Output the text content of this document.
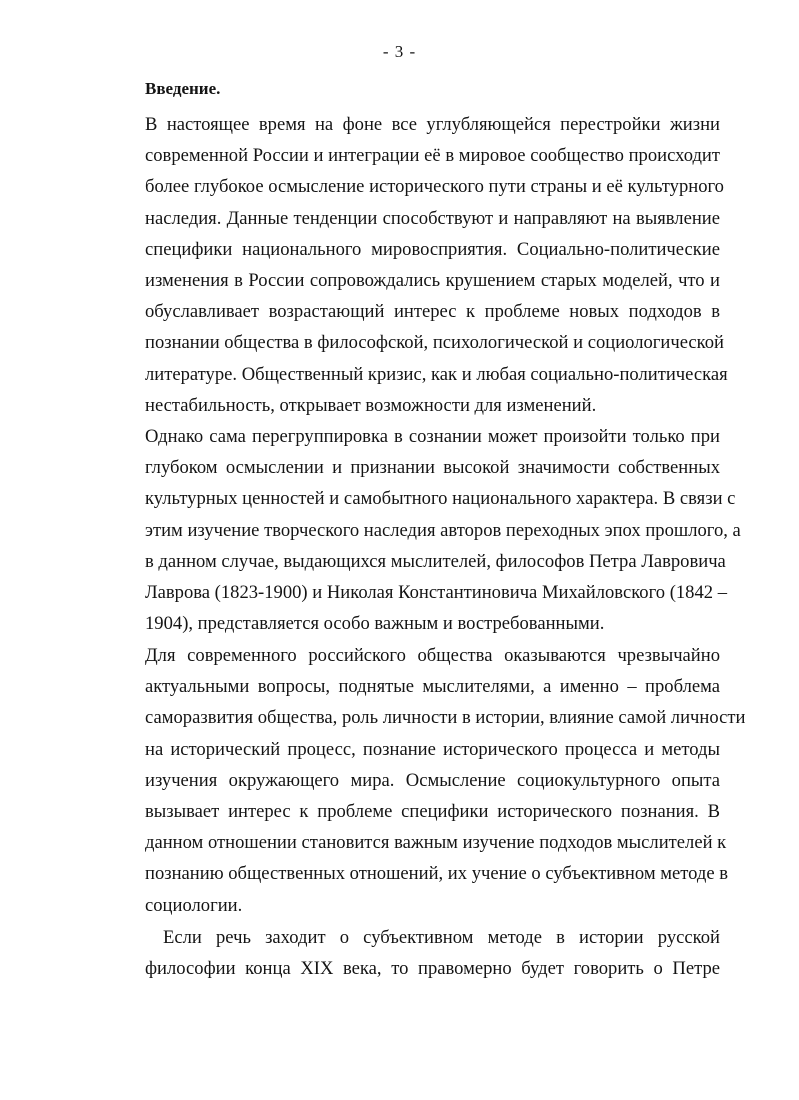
- 3 -
Введение.
В настоящее время на фоне все углубляющейся перестройки жизни
современной России и интеграции её в мировое сообщество происходит
более глубокое осмысление исторического пути страны и её культурного
наследия. Данные тенденции способствуют и направляют на выявление
специфики национального мировосприятия. Социально-политические
изменения в России сопровождались крушением старых моделей, что и
обуславливает возрастающий интерес к проблеме новых подходов в
познании общества в философской, психологической и социологической
литературе. Общественный кризис, как и любая социально-политическая
нестабильность, открывает возможности для изменений.
Однако сама перегруппировка в сознании может произойти только при
глубоком осмыслении и признании высокой значимости собственных
культурных ценностей и самобытного национального характера. В связи с
этим изучение творческого наследия авторов переходных эпох прошлого, а
в данном случае, выдающихся мыслителей, философов Петра Лавровича
Лаврова (1823-1900) и Николая Константиновича Михайловского (1842 –
1904), представляется особо важным и востребованными.
Для современного российского общества оказываются чрезвычайно
актуальными вопросы, поднятые мыслителями, а именно – проблема
саморазвития общества, роль личности в истории, влияние самой личности
на исторический процесс, познание исторического процесса и методы
изучения окружающего мира. Осмысление социокультурного опыта
вызывает интерес к проблеме специфики исторического познания. В
данном отношении становится важным изучение подходов мыслителей к
познанию общественных отношений, их учение о субъективном методе в
социологии.
Если речь заходит о субъективном методе в истории русской
философии конца XIX века, то правомерно будет говорить о Петре
